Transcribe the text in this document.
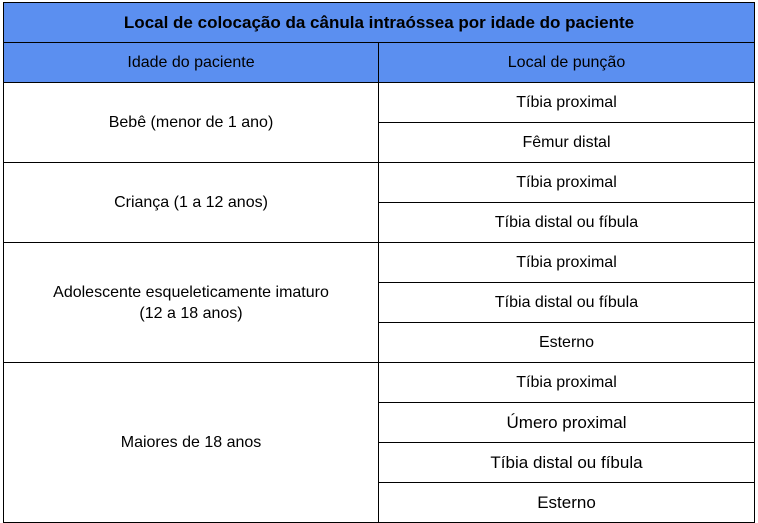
Local de colocação da cânula intraóssea por idade do paciente	
Idade do paciente	Local de punção

Bebê (menor de 1 ano)	Tíbia proximal
	Fêmur distal

Criança (1 a 12 anos)	Tíbia proximal
	Tíbia distal ou fíbula

Adolescente esqueleticamente imaturo
(12 a 18 anos)	Tíbia proximal
	Tíbia distal ou fíbula
	Esterno

Maiores de 18 anos	Tíbia proximal
	Úmero proximal
	Tíbia distal ou fíbula
	Esterno
